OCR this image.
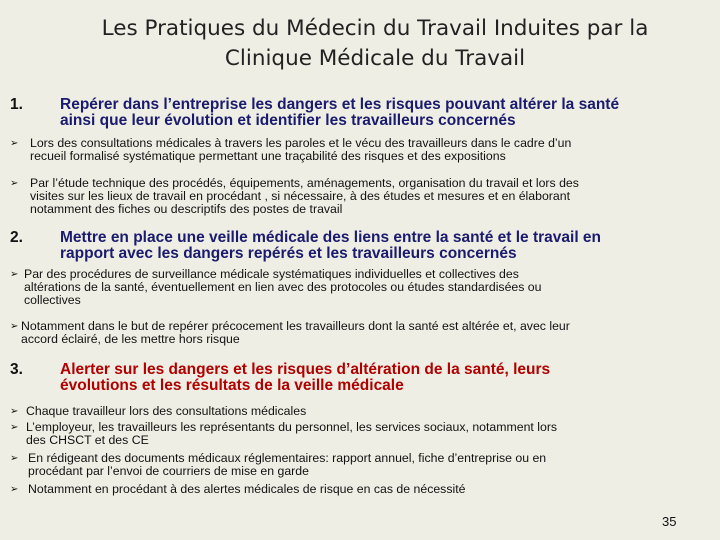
Les Pratiques du Médecin du Travail Induites par la
Clinique Médicale du Travail
1. Repérer dans l’entreprise les dangers et les risques pouvant altérer la santé
ainsi que leur évolution et identifier les travailleurs concernés
➢ Lors des consultations médicales à travers les paroles et le vécu des travailleurs dans le cadre d’un
recueil formalisé systématique permettant une traçabilité des risques et des expositions
➢ Par l’étude technique des procédés, équipements, aménagements, organisation du travail et lors des
visites sur les lieux de travail en procédant , si nécessaire, à des études et mesures et en élaborant
notamment des fiches ou descriptifs des postes de travail
2. Mettre en place une veille médicale des liens entre la santé et le travail en
rapport avec les dangers repérés et les travailleurs concernés
➢ Par des procédures de surveillance médicale systématiques individuelles et collectives des
altérations de la santé, éventuellement en lien avec des protocoles ou études standardisées ou
collectives
➢ Notamment dans le but de repérer précocement les travailleurs dont la santé est altérée et, avec leur
accord éclairé, de les mettre hors risque
3. Alerter sur les dangers et les risques d’altération de la santé, leurs
évolutions et les résultats de la veille médicale
➢ Chaque travailleur lors des consultations médicales
➢ L’employeur, les travailleurs les représentants du personnel, les services sociaux, notamment lors
des CHSCT et des CE
➢ En rédigeant des documents médicaux réglementaires: rapport annuel, fiche d’entreprise ou en
procédant par l’envoi de courriers de mise en garde
➢ Notamment en procédant à des alertes médicales de risque en cas de nécessité
35
